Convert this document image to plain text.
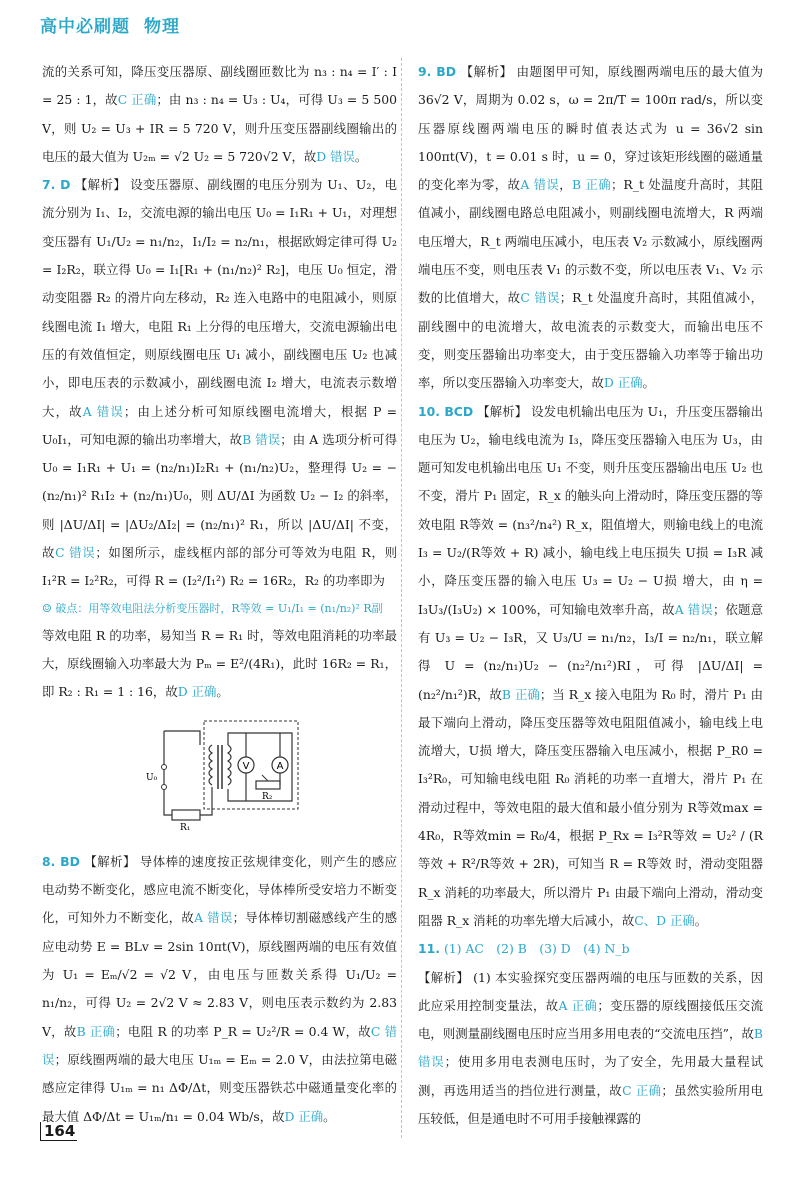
高中必刷题 物理

流的关系可知，降压变压器原、副线圈匝数比为 n₃ : n₄ = I′ : I = 25 : 1，故C 正确；由 n₃ : n₄ = U₃ : U₄，可得 U₃ = 5 500 V，则 U₂ = U₃ + IR = 5 720 V，则升压变压器副线圈输出的电压的最大值为 U₂ₘ = √2 U₂ = 5 720√2 V，故D 错误。

7. D 【解析】 设变压器原、副线圈的电压分别为 U₁、U₂，电流分别为 I₁、I₂，交流电源的输出电压 U₀ = I₁R₁ + U₁，对理想变压器有 U₁/U₂ = n₁/n₂，I₁/I₂ = n₂/n₁，根据欧姆定律可得 U₂ = I₂R₂，联立得 U₀ = I₁[R₁ + (n₁/n₂)² R₂]，电压 U₀ 恒定，滑动变阻器 R₂ 的滑片向左移动，R₂ 连入电路中的电阻减小，则原线圈电流 I₁ 增大，电阻 R₁ 上分得的电压增大，交流电源输出电压的有效值恒定，则原线圈电压 U₁ 减小，副线圈电压 U₂ 也减小，即电压表的示数减小，副线圈电流 I₂ 增大，电流表示数增大，故A 错误；由上述分析可知原线圈电流增大，根据 P = U₀I₁，可知电源的输出功率增大，故B 错误；由 A 选项分析可得 U₀ = I₁R₁ + U₁ = (n₂/n₁)I₂R₁ + (n₁/n₂)U₂，整理得 U₂ = −(n₂/n₁)² R₁I₂ + (n₂/n₁)U₀，则 ΔU/ΔI 为函数 U₂ − I₂ 的斜率，则 |ΔU/ΔI| = |ΔU₂/ΔI₂| = (n₂/n₁)² R₁，所以 |ΔU/ΔI| 不变，故C 错误；如图所示，虚线框内部的部分可等效为电阻 R，则 I₁²R = I₂²R₂，可得 R = (I₂²/I₁²) R₂ = 16R₂，R₂ 的功率即为

☺ 破点：用等效电阻法分析变压器时，R等效 = U₁/I₁ = (n₁/n₂)² R副

等效电阻 R 的功率，易知当 R = R₁ 时，等效电阻消耗的功率最大，原线圈输入功率最大为 Pₘ = E²/(4R₁)，此时 16R₂ = R₁，即 R₂ : R₁ = 1 : 16，故D 正确。

V	A
U₀
R₁
R₂

8. BD 【解析】 导体棒的速度按正弦规律变化，则产生的感应电动势不断变化，感应电流不断变化，导体棒所受安培力不断变化，可知外力不断变化，故A 错误；导体棒切割磁感线产生的感应电动势 E = BLv = 2sin 10πt(V)，原线圈两端的电压有效值为 U₁ = Eₘ/√2 = √2 V，由电压与匝数关系得 U₁/U₂ = n₁/n₂，可得 U₂ = 2√2 V ≈ 2.83 V，则电压表示数约为 2.83 V，故B 正确；电阻 R 的功率 P_R = U₂²/R = 0.4 W，故C 错误；原线圈两端的最大电压 U₁ₘ = Eₘ = 2.0 V，由法拉第电磁感应定律得 U₁ₘ = n₁ ΔΦ/Δt，则变压器铁芯中磁通量变化率的最大值 ΔΦ/Δt = U₁ₘ/n₁ = 0.04 Wb/s，故D 正确。

9. BD 【解析】 由题图甲可知，原线圈两端电压的最大值为 36√2 V，周期为 0.02 s，ω = 2π/T = 100π rad/s，所以变压器原线圈两端电压的瞬时值表达式为 u = 36√2 sin 100πt(V)，t = 0.01 s 时，u = 0，穿过该矩形线圈的磁通量的变化率为零，故A 错误，B 正确；R_t 处温度升高时，其阻值减小，副线圈电路总电阻减小，则副线圈电流增大，R 两端电压增大，R_t 两端电压减小，电压表 V₂ 示数减小，原线圈两端电压不变，则电压表 V₁ 的示数不变，所以电压表 V₁、V₂ 示数的比值增大，故C 错误；R_t 处温度升高时，其阻值减小，副线圈中的电流增大，故电流表的示数变大，而输出电压不变，则变压器输出功率变大，由于变压器输入功率等于输出功率，所以变压器输入功率变大，故D 正确。

10. BCD 【解析】 设发电机输出电压为 U₁，升压变压器输出电压为 U₂，输电线电流为 I₃，降压变压器输入电压为 U₃，由题可知发电机输出电压 U₁ 不变，则升压变压器输出电压 U₂ 也不变，滑片 P₁ 固定，R_x 的触头向上滑动时，降压变压器的等效电阻 R等效 = (n₃²/n₄²) R_x，阻值增大，则输电线上的电流 I₃ = U₂/(R等效 + R) 减小，输电线上电压损失 U损 = I₃R 减小，降压变压器的输入电压 U₃ = U₂ − U损 增大，由 η = I₃U₃/(I₃U₂) × 100%，可知输电效率升高，故A 错误；依题意有 U₃ = U₂ − I₃R，又 U₃/U = n₁/n₂，I₃/I = n₂/n₁，联立解得 U = (n₂/n₁)U₂ − (n₂²/n₁²)RI，可得 |ΔU/ΔI| = (n₂²/n₁²)R，故B 正确；当 R_x 接入电阻为 R₀ 时，滑片 P₁ 由最下端向上滑动，降压变压器等效电阻阻值减小，输电线上电流增大，U损 增大，降压变压器输入电压减小，根据 P_R0 = I₃²R₀，可知输电线电阻 R₀ 消耗的功率一直增大，滑片 P₁ 在滑动过程中，等效电阻的最大值和最小值分别为 R等效max = 4R₀，R等效min = R₀/4，根据 P_Rx = I₃²R等效 = U₂² / (R等效 + R²/R等效 + 2R)，可知当 R = R等效 时，滑动变阻器 R_x 消耗的功率最大，所以滑片 P₁ 由最下端向上滑动，滑动变阻器 R_x 消耗的功率先增大后减小，故C、D 正确。

11. (1) AC　(2) B　(3) D　(4) N_b

【解析】 (1) 本实验探究变压器两端的电压与匝数的关系，因此应采用控制变量法，故A 正确；变压器的原线圈接低压交流电，则测量副线圈电压时应当用多用电表的“交流电压挡”，故B 错误；使用多用电表测电压时，为了安全，先用最大量程试测，再选用适当的挡位进行测量，故C 正确；虽然实验所用电压较低，但是通电时不可用手接触裸露的

164
